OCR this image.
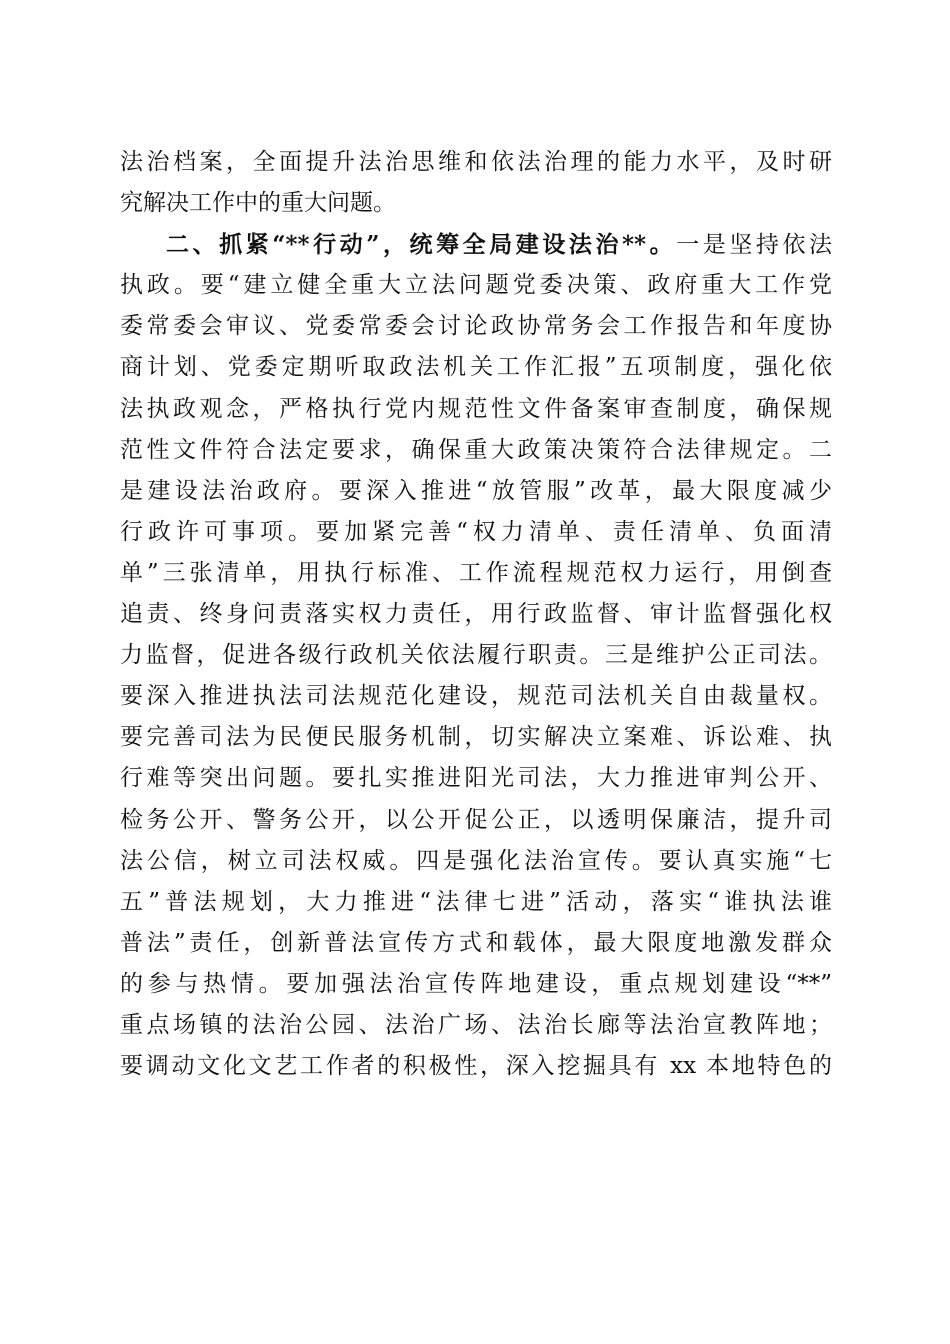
法治档案，全面提升法治思维和依法治理的能力水平，及时研
究解决工作中的重大问题。
二、抓紧“**行动”，统筹全局建设法治**。一是坚持依法
执政。要“建立健全重大立法问题党委决策、政府重大工作党
委常委会审议、党委常委会讨论政协常务会工作报告和年度协
商计划、党委定期听取政法机关工作汇报”五项制度，强化依
法执政观念，严格执行党内规范性文件备案审查制度，确保规
范性文件符合法定要求，确保重大政策决策符合法律规定。二
是建设法治政府。要深入推进“放管服”改革，最大限度减少
行政许可事项。要加紧完善“权力清单、责任清单、负面清
单”三张清单，用执行标准、工作流程规范权力运行，用倒查
追责、终身问责落实权力责任，用行政监督、审计监督强化权
力监督，促进各级行政机关依法履行职责。三是维护公正司法。
要深入推进执法司法规范化建设，规范司法机关自由裁量权。
要完善司法为民便民服务机制，切实解决立案难、诉讼难、执
行难等突出问题。要扎实推进阳光司法，大力推进审判公开、
检务公开、警务公开，以公开促公正，以透明保廉洁，提升司
法公信，树立司法权威。四是强化法治宣传。要认真实施“七
五”普法规划，大力推进“法律七进”活动，落实“谁执法谁
普法”责任，创新普法宣传方式和载体，最大限度地激发群众
的参与热情。要加强法治宣传阵地建设，重点规划建设“**”
重点场镇的法治公园、法治广场、法治长廊等法治宣教阵地；
要调动文化文艺工作者的积极性，深入挖掘具有 xx 本地特色的
